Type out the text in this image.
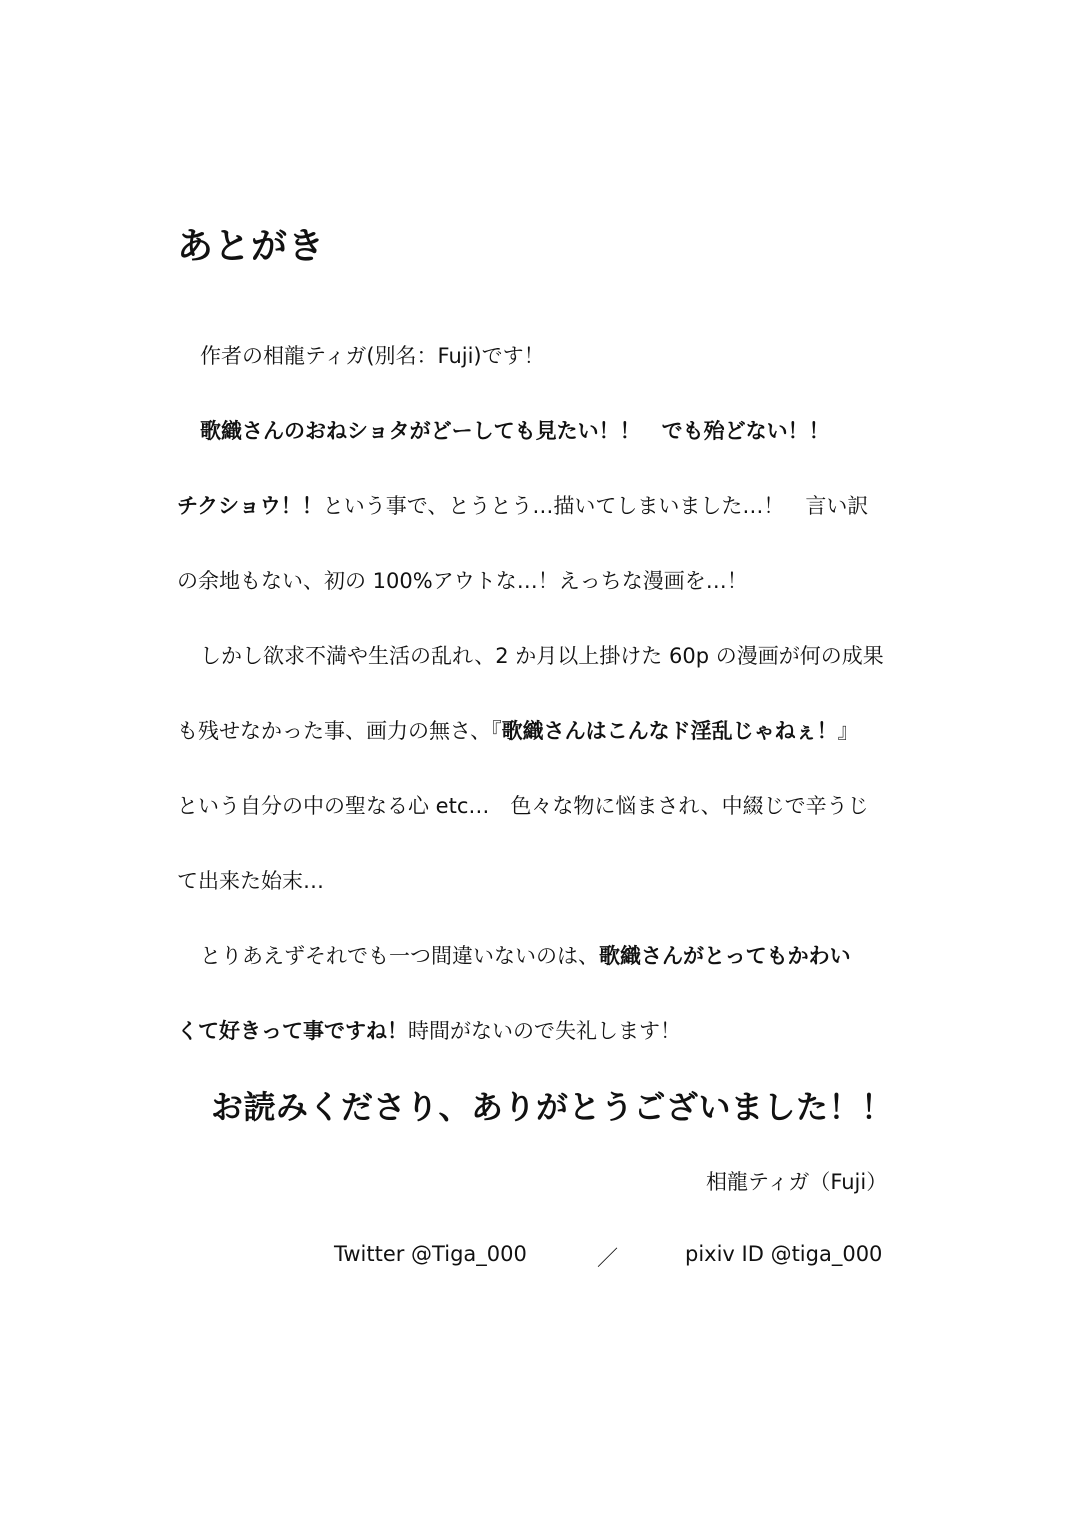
あとがき
作者の相龍ティガ(別名：Fuji)です！
歌織さんのおねショタがどーしても見たい！！　でも殆どない！！
チクショウ！！という事で、とうとう…描いてしまいました…！　言い訳
の余地もない、初の 100%アウトな…！えっちな漫画を…！
しかし欲求不満や生活の乱れ、2 か月以上掛けた 60p の漫画が何の成果
も残せなかった事、画力の無さ、『歌織さんはこんなド淫乱じゃねぇ！』
という自分の中の聖なる心 etc…　色々な物に悩まされ、中綴じで辛うじ
て出来た始末…
とりあえずそれでも一つ間違いないのは、歌織さんがとってもかわい
くて好きって事ですね！時間がないので失礼します！
お読みくださり、ありがとうございました！！
相龍ティガ（Fuji）
Twitter @Tiga_000	／	pixiv ID @tiga_000
